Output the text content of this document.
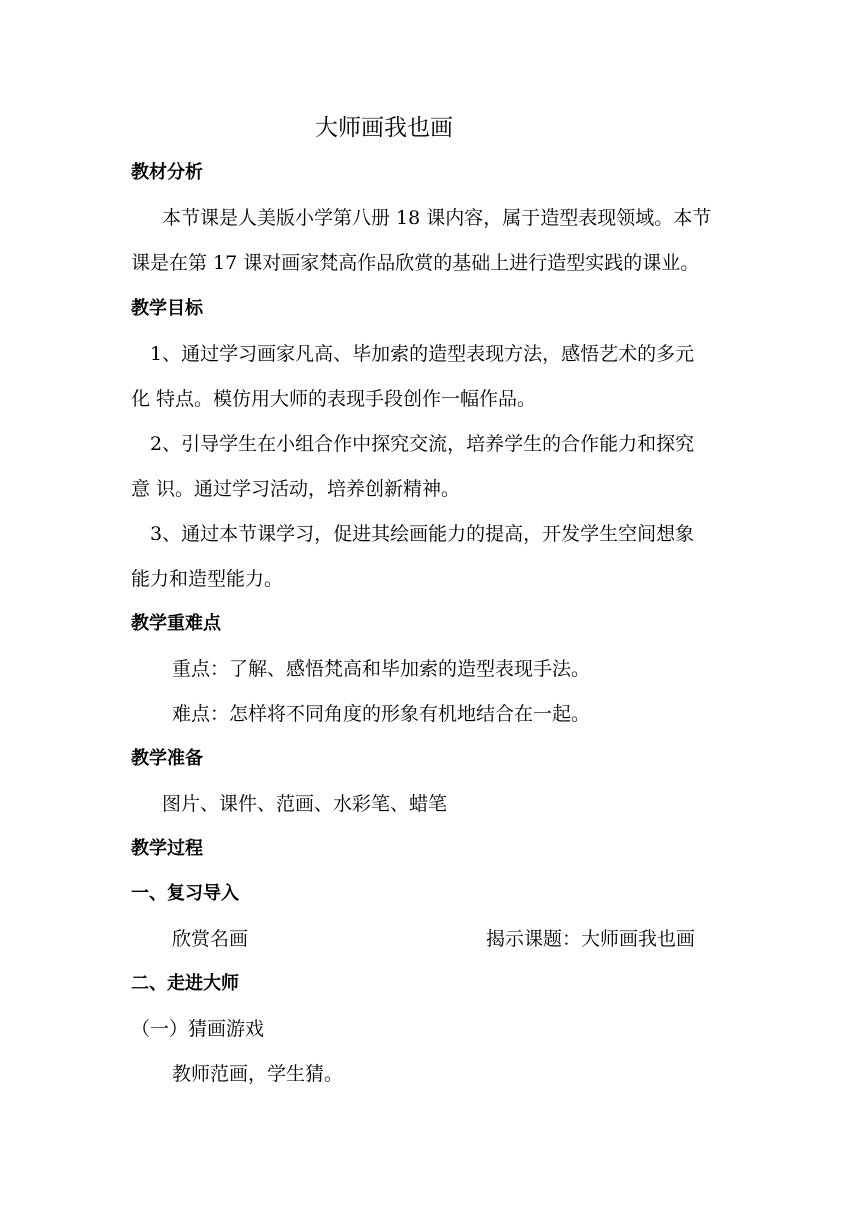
大师画我也画
教材分析
本节课是人美版小学第八册 18 课内容，属于造型表现领域。本节
课是在第 17 课对画家梵高作品欣赏的基础上进行造型实践的课业。
教学目标
1、通过学习画家凡高、毕加索的造型表现方法，感悟艺术的多元
化 特点。模仿用大师的表现手段创作一幅作品。
2、引导学生在小组合作中探究交流，培养学生的合作能力和探究
意 识。通过学习活动，培养创新精神。
3、通过本节课学习，促进其绘画能力的提高，开发学生空间想象
能力和造型能力。
教学重难点
重点：了解、感悟梵高和毕加索的造型表现手法。
难点：怎样将不同角度的形象有机地结合在一起。
教学准备
图片、课件、范画、水彩笔、蜡笔
教学过程
一、复习导入
欣赏名画	揭示课题：大师画我也画
二、走进大师
（一）猜画游戏
教师范画，学生猜。
